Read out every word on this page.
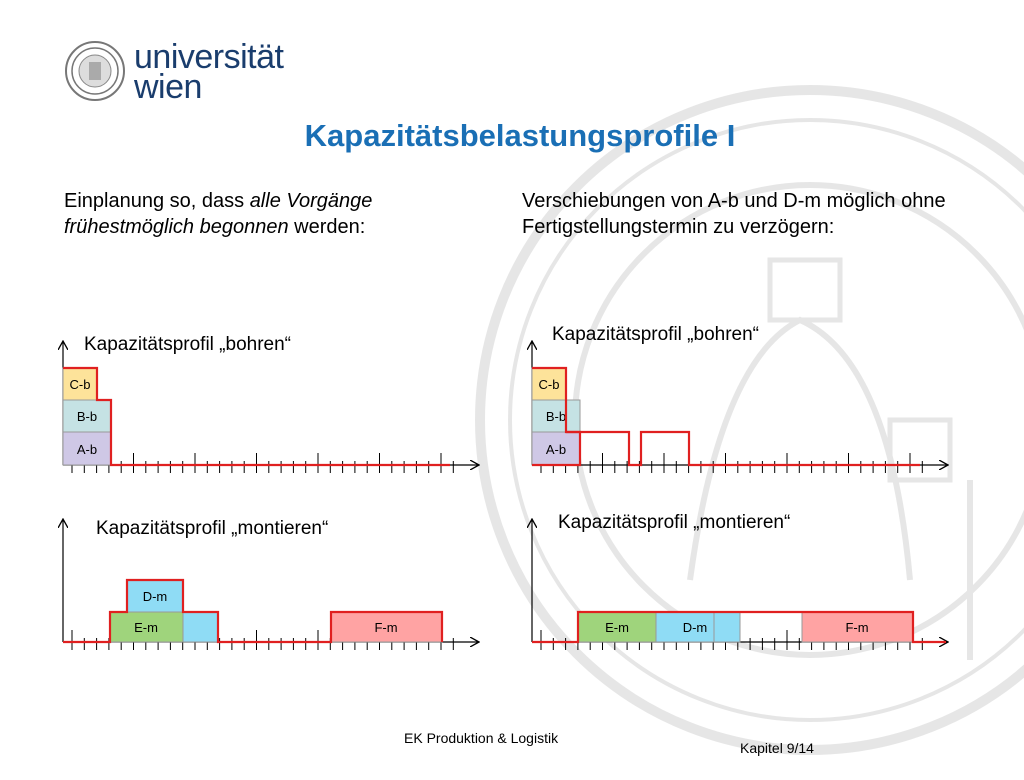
universität
wien
Kapazitätsbelastungsprofile I
Einplanung so, dass alle Vorgänge frühestmöglich begonnen werden:
Verschiebungen von A-b und D-m möglich ohne Fertigstellungstermin zu verzögern:
Kapazitätsprofil „bohren“
C-b
B-b
A-b
Kapazitätsprofil „bohren“
C-b
B-b
A-b
Kapazitätsprofil „montieren“
D-m
E-m	F-m
Kapazitätsprofil „montieren“
E-m	D-m	F-m
EK Produktion & Logistik
Kapitel 9/14
